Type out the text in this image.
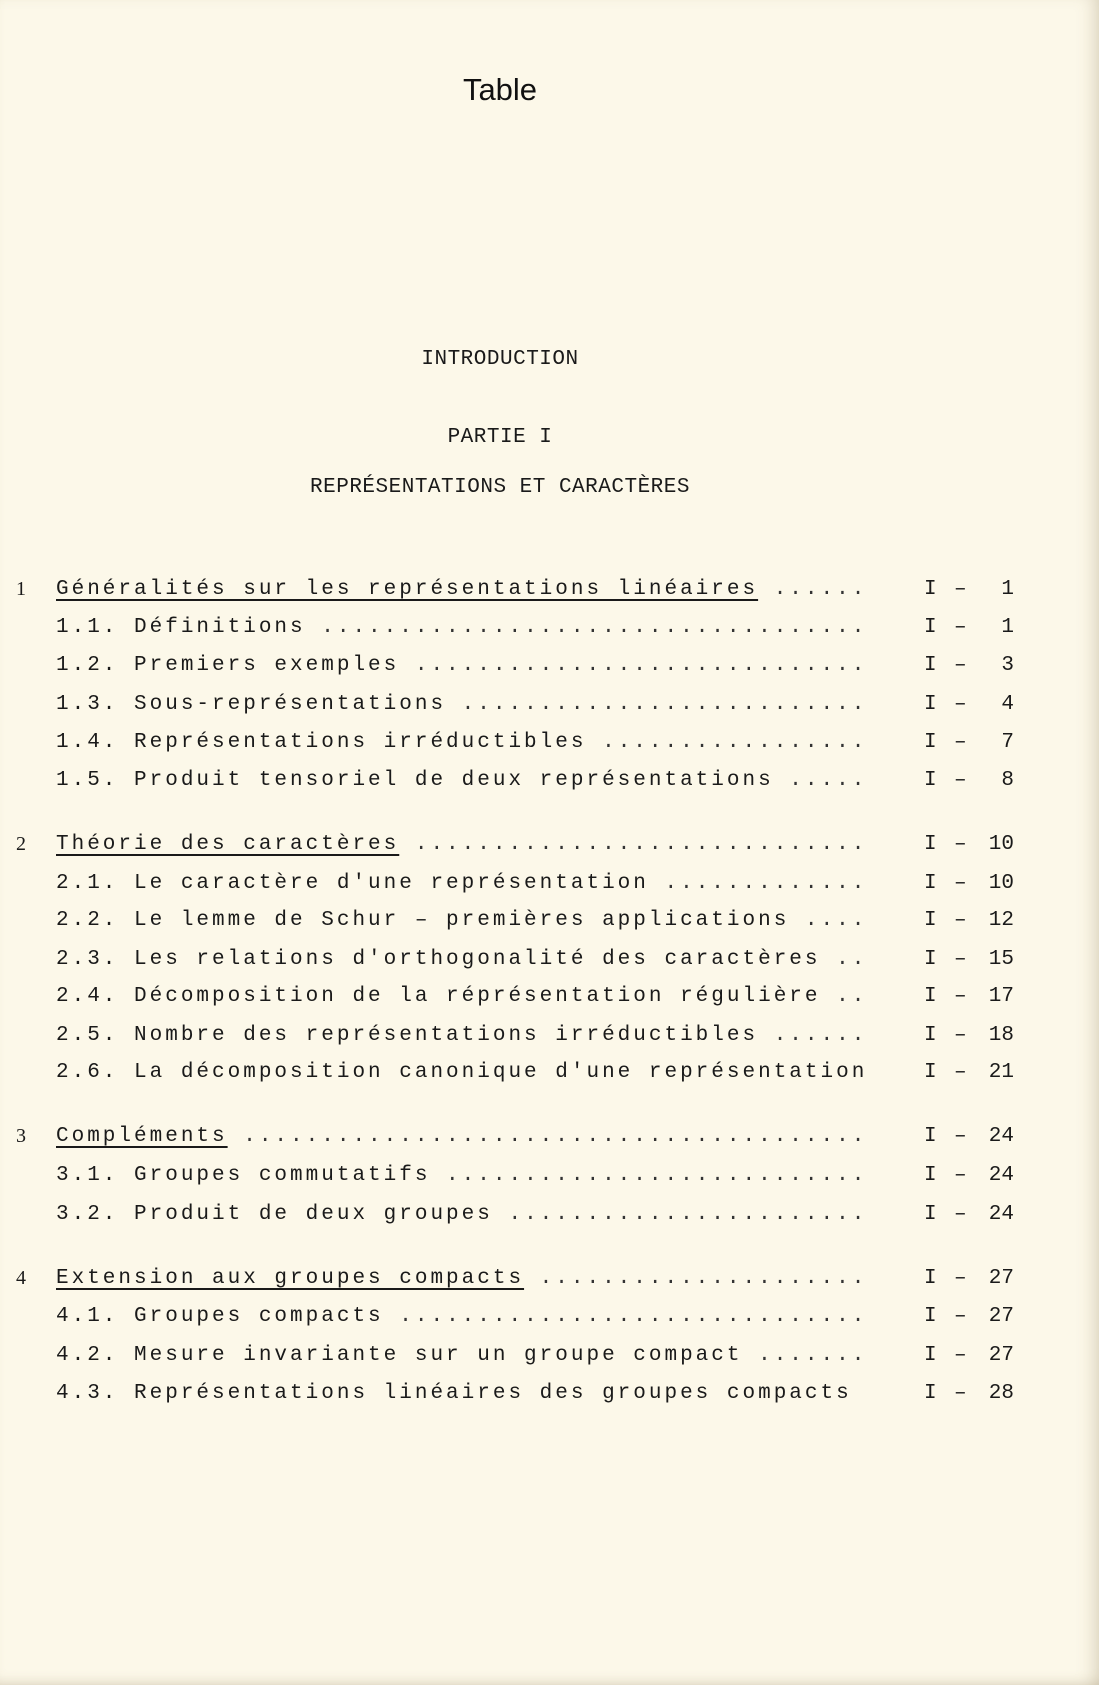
Table
INTRODUCTION
PARTIE I
REPRÉSENTATIONS ET CARACTÈRES
1 Généralités sur les représentations linéaires ......	I – 1
1.1. Définitions ...................................	I – 1
1.2. Premiers exemples .............................	I – 3
1.3. Sous-représentations ..........................	I – 4
1.4. Représentations irréductibles .................	I – 7
1.5. Produit tensoriel de deux représentations .....	I – 8
2 Théorie des caractères .............................	I – 10
2.1. Le caractère d'une représentation .............	I – 10
2.2. Le lemme de Schur – premières applications ....	I – 12
2.3. Les relations d'orthogonalité des caractères ..	I – 15
2.4. Décomposition de la réprésentation régulière ..	I – 17
2.5. Nombre des représentations irréductibles ......	I – 18
2.6. La décomposition canonique d'une représentation	I – 21
3 Compléments ........................................	I – 24
3.1. Groupes commutatifs ...........................	I – 24
3.2. Produit de deux groupes .......................	I – 24
4 Extension aux groupes compacts .....................	I – 27
4.1. Groupes compacts ..............................	I – 27
4.2. Mesure invariante sur un groupe compact .......	I – 27
4.3. Représentations linéaires des groupes compacts	I – 28
